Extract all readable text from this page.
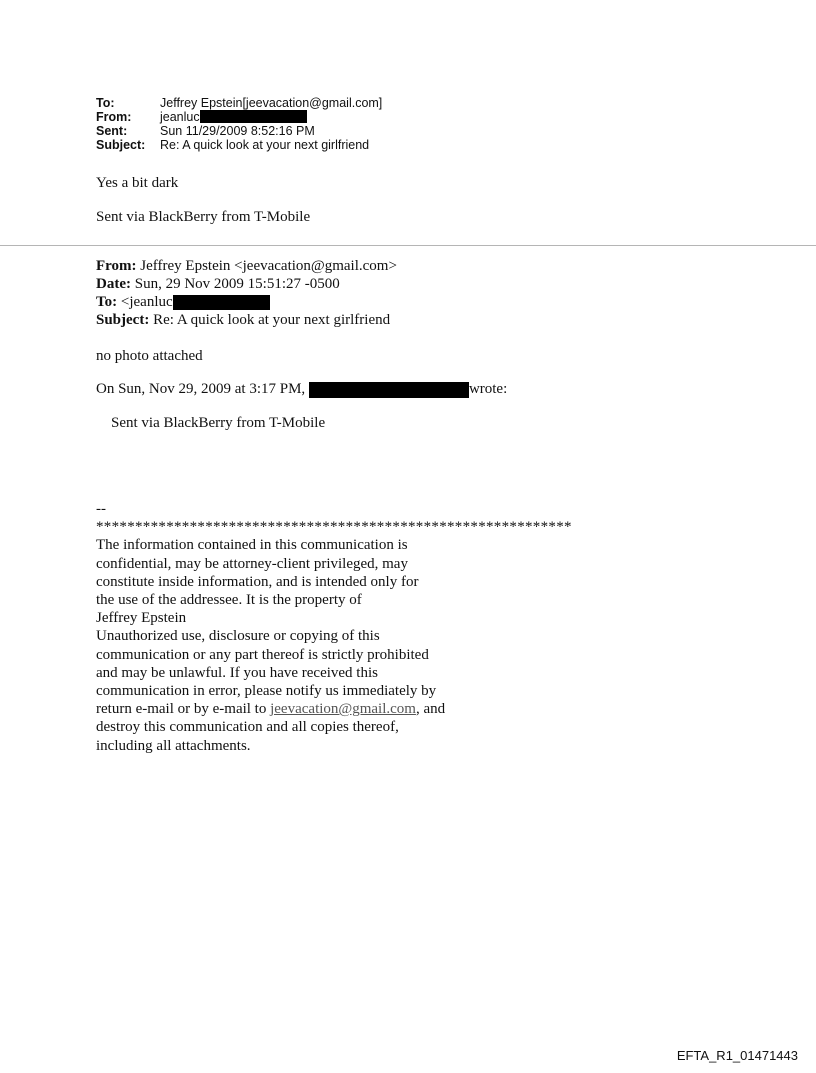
To:	Jeffrey Epstein[jeevacation@gmail.com]
From:	jeanluc
Sent:	Sun 11/29/2009 8:52:16 PM
Subject:	Re: A quick look at your next girlfriend
Yes a bit dark
Sent via BlackBerry from T-Mobile
From: Jeffrey Epstein <jeevacation@gmail.com>
Date: Sun, 29 Nov 2009 15:51:27 -0500
To: <jeanluc
Subject: Re: A quick look at your next girlfriend
no photo attached
On Sun, Nov 29, 2009 at 3:17 PM,	wrote:
Sent via BlackBerry from T-Mobile
--
*************************************************************
The information contained in this communication is
confidential, may be attorney-client privileged, may
constitute inside information, and is intended only for
the use of the addressee. It is the property of
Jeffrey Epstein
Unauthorized use, disclosure or copying of this
communication or any part thereof is strictly prohibited
and may be unlawful. If you have received this
communication in error, please notify us immediately by
return e-mail or by e-mail to jeevacation@gmail.com, and
destroy this communication and all copies thereof,
including all attachments.
EFTA_R1_01471443
